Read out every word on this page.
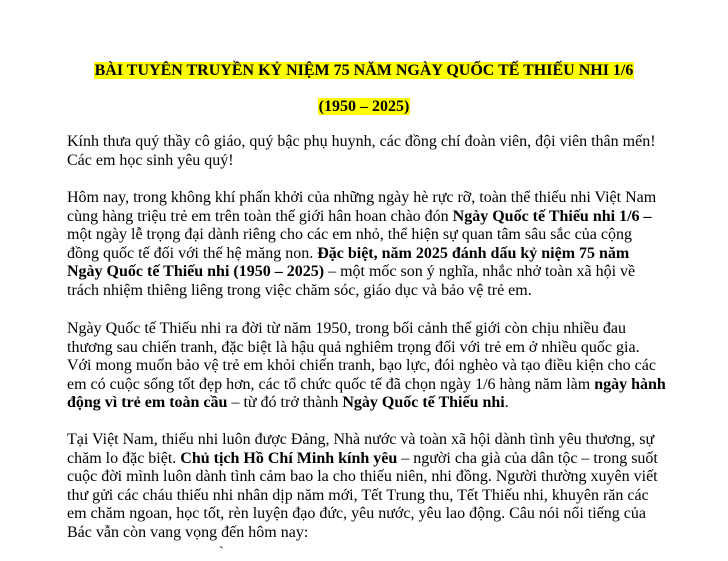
BÀI TUYÊN TRUYỀN KỶ NIỆM 75 NĂM NGÀY QUỐC TẾ THIẾU NHI 1/6
(1950 – 2025)

Kính thưa quý thầy cô giáo, quý bậc phụ huynh, các đồng chí đoàn viên, đội viên thân mến! Các em học sinh yêu quý!

Hôm nay, trong không khí phấn khởi của những ngày hè rực rỡ, toàn thể thiếu nhi Việt Nam cùng hàng triệu trẻ em trên toàn thế giới hân hoan chào đón Ngày Quốc tế Thiếu nhi 1/6 – một ngày lễ trọng đại dành riêng cho các em nhỏ, thể hiện sự quan tâm sâu sắc của cộng đồng quốc tế đối với thế hệ măng non. Đặc biệt, năm 2025 đánh dấu kỷ niệm 75 năm Ngày Quốc tế Thiếu nhi (1950 – 2025) – một mốc son ý nghĩa, nhắc nhở toàn xã hội về trách nhiệm thiêng liêng trong việc chăm sóc, giáo dục và bảo vệ trẻ em.

Ngày Quốc tế Thiếu nhi ra đời từ năm 1950, trong bối cảnh thế giới còn chịu nhiều đau thương sau chiến tranh, đặc biệt là hậu quả nghiêm trọng đối với trẻ em ở nhiều quốc gia. Với mong muốn bảo vệ trẻ em khỏi chiến tranh, bạo lực, đói nghèo và tạo điều kiện cho các em có cuộc sống tốt đẹp hơn, các tổ chức quốc tế đã chọn ngày 1/6 hàng năm làm ngày hành động vì trẻ em toàn cầu – từ đó trở thành Ngày Quốc tế Thiếu nhi.

Tại Việt Nam, thiếu nhi luôn được Đảng, Nhà nước và toàn xã hội dành tình yêu thương, sự chăm lo đặc biệt. Chủ tịch Hồ Chí Minh kính yêu – người cha già của dân tộc – trong suốt cuộc đời mình luôn dành tình cảm bao la cho thiếu niên, nhi đồng. Người thường xuyên viết thư gửi các cháu thiếu nhi nhân dịp năm mới, Tết Trung thu, Tết Thiếu nhi, khuyên răn các em chăm ngoan, học tốt, rèn luyện đạo đức, yêu nước, yêu lao động. Câu nói nổi tiếng của Bác vẫn còn vang vọng đến hôm nay:

`
